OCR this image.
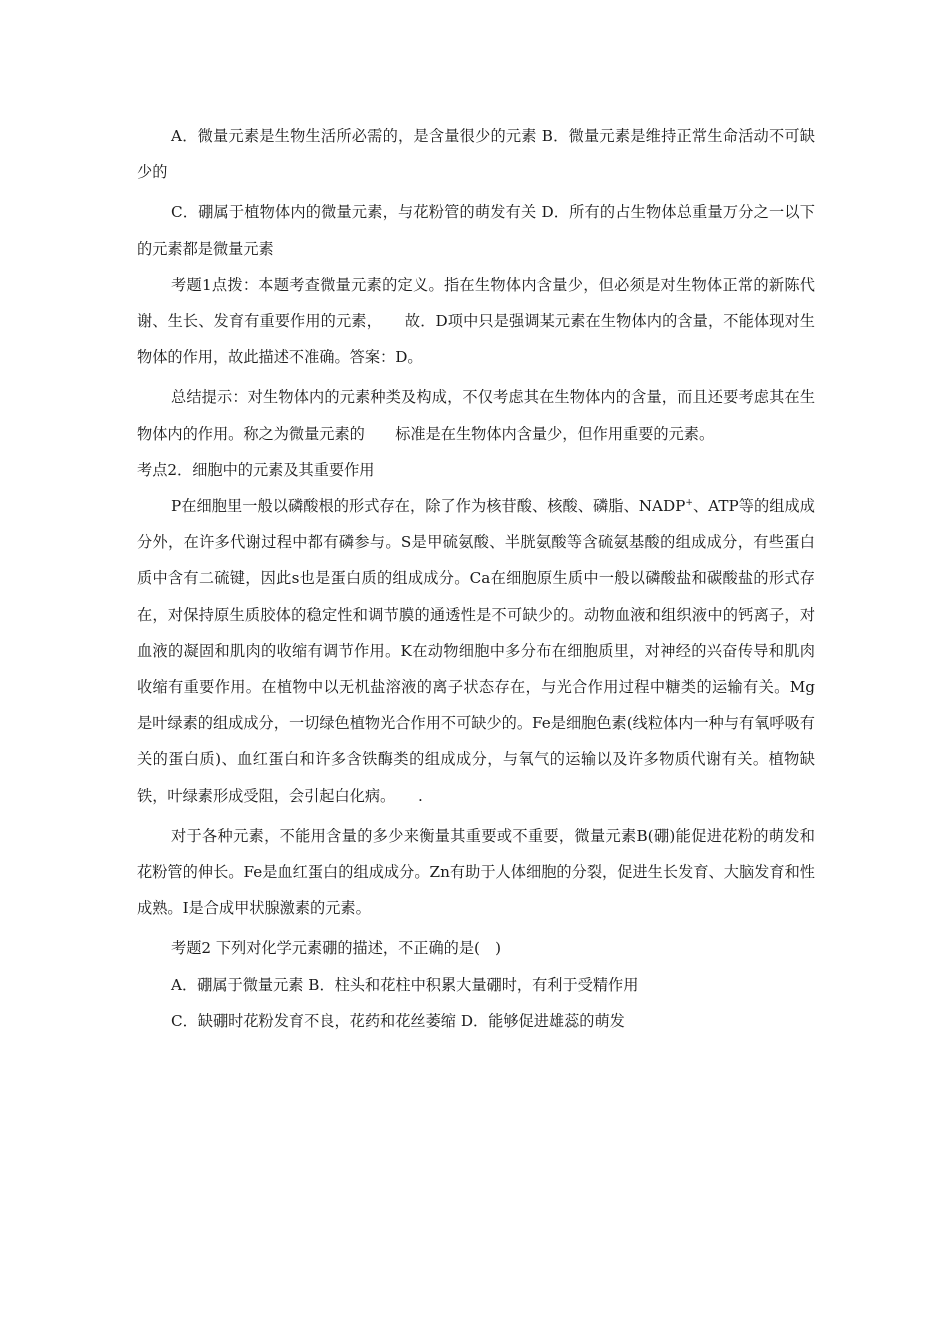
A．微量元素是生物生活所必需的，是含量很少的元素 B．微量元素是维持正常生命活动不可缺少的

C．硼属于植物体内的微量元素，与花粉管的萌发有关 D．所有的占生物体总重量万分之一以下的元素都是微量元素

考题1点拨：本题考查微量元素的定义。指在生物体内含量少，但必须是对生物体正常的新陈代谢、生长、发育有重要作用的元素，　　故．D项中只是强调某元素在生物体内的含量，不能体现对生物体的作用，故此描述不准确。答案：D。

总结提示：对生物体内的元素种类及构成，不仅考虑其在生物体内的含量，而且还要考虑其在生物体内的作用。称之为微量元素的　　标准是在生物体内含量少，但作用重要的元素。

考点2．细胞中的元素及其重要作用

P在细胞里一般以磷酸根的形式存在，除了作为核苷酸、核酸、磷脂、NADP+、ATP等的组成成分外，在许多代谢过程中都有磷参与。S是甲硫氨酸、半胱氨酸等含硫氨基酸的组成成分，有些蛋白质中含有二硫键，因此s也是蛋白质的组成成分。Ca在细胞原生质中一般以磷酸盐和碳酸盐的形式存在，对保持原生质胶体的稳定性和调节膜的通透性是不可缺少的。动物血液和组织液中的钙离子，对血液的凝固和肌肉的收缩有调节作用。K在动物细胞中多分布在细胞质里，对神经的兴奋传导和肌肉收缩有重要作用。在植物中以无机盐溶液的离子状态存在，与光合作用过程中糖类的运输有关。Mg是叶绿素的组成成分，一切绿色植物光合作用不可缺少的。Fe是细胞色素(线粒体内一种与有氧呼吸有关的蛋白质)、血红蛋白和许多含铁酶类的组成成分，与氧气的运输以及许多物质代谢有关。植物缺铁，叶绿素形成受阻，会引起白化病。　　.

对于各种元素，不能用含量的多少来衡量其重要或不重要，微量元素B(硼)能促进花粉的萌发和花粉管的伸长。Fe是血红蛋白的组成成分。Zn有助于人体细胞的分裂，促进生长发育、大脑发育和性成熟。I是合成甲状腺激素的元素。

考题2 下列对化学元素硼的描述，不正确的是(　)

A．硼属于微量元素 B．柱头和花柱中积累大量硼时，有利于受精作用

C．缺硼时花粉发育不良，花药和花丝萎缩 D．能够促进雄蕊的萌发
